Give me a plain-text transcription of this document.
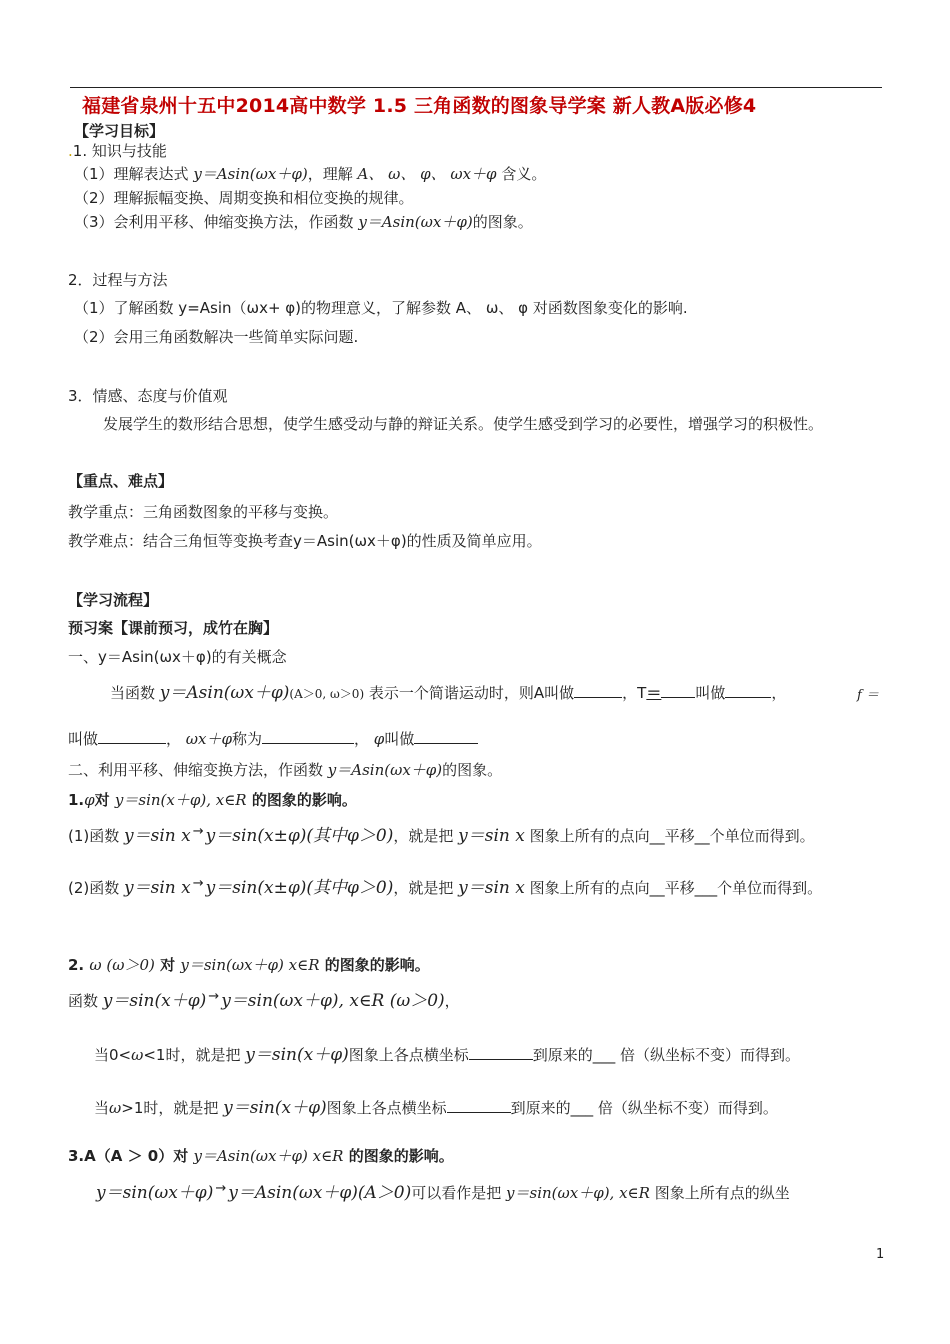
福建省泉州十五中2014高中数学 1.5 三角函数的图象导学案 新人教A版必修4
【学习目标】
.1. 知识与技能
（1）理解表达式 y＝Asin(ωx＋φ)，理解 A、 ω、 φ、 ωx＋φ 含义。
（2）理解振幅变换、周期变换和相位变换的规律。
（3）会利用平移、伸缩变换方法，作函数 y＝Asin(ωx＋φ)的图象。
2．过程与方法
（1）了解函数 y=Asin（ωx+ φ)的物理意义，了解参数 A、 ω、 φ 对函数图象变化的影响.
（2）会用三角函数解决一些简单实际问题.
3．情感、态度与价值观
发展学生的数形结合思想，使学生感受动与静的辩证关系。使学生感受到学习的必要性，增强学习的积极性。
【重点、难点】
教学重点：三角函数图象的平移与变换。
教学难点：结合三角恒等变换考查y＝Asin(ωx＋φ)的性质及简单应用。
【学习流程】
预习案【课前预习，成竹在胸】
一、y＝Asin(ωx＋φ)的有关概念
当函数 y＝Asin(ωx＋φ)(A＞0, ω＞0) 表示一个简谐运动时，则A叫做	，T＝ 叫做	，	f ＝
叫做	， ωx＋φ称为	， φ叫做
二、利用平移、伸缩变换方法，作函数 y＝Asin(ωx＋φ)的图象。
1.φ对 y＝sin(x＋φ), x∈R 的图象的影响。
(1)函数 y＝sin x → y＝sin(x±φ)(其中φ＞0)，就是把 y＝sin x 图象上所有的点向__平移__个单位而得到。
(2)函数 y＝sin x → y＝sin(x±φ)(其中φ＞0)，就是把 y＝sin x 图象上所有的点向__平移___个单位而得到。
2. ω (ω＞0) 对 y＝sin(ωx＋φ) x∈R 的图象的影响。
函数 y＝sin(x＋φ) → y＝sin(ωx＋φ), x∈R (ω＞0)，
当0<ω<1时，就是把 y＝sin(x＋φ)图象上各点横坐标	到原来的___ 倍（纵坐标不变）而得到。
当ω>1时，就是把 y＝sin(x＋φ)图象上各点横坐标	到原来的___ 倍（纵坐标不变）而得到。
3.A（A ＞ 0）对 y＝Asin(ωx＋φ) x∈R 的图象的影响。
y＝sin(ωx＋φ) → y＝Asin(ωx＋φ)(A＞0)可以看作是把 y＝sin(ωx＋φ), x∈R 图象上所有点的纵坐
1
